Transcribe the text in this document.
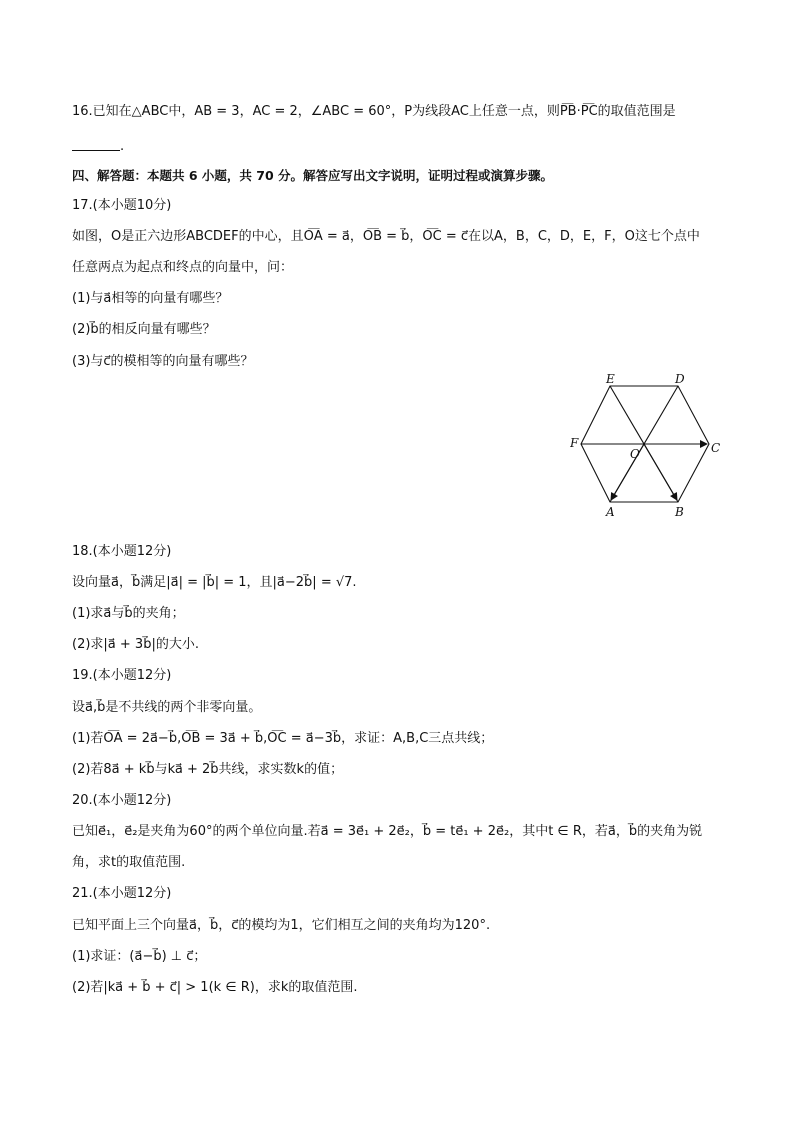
16.已知在△ABC中，AB = 3，AC = 2，∠ABC = 60°，P为线段AC上任意一点，则P͞B·P͞C的取值范围是
.
四、解答题：本题共 6 小题，共 70 分。解答应写出文字说明，证明过程或演算步骤。
17.(本小题10分)
如图，O是正六边形ABCDEF的中心，且O͞A = a⃗，O͞B = b⃗，O͞C = c⃗在以A，B，C，D，E，F，O这七个点中
任意两点为起点和终点的向量中，问：
(1)与a⃗相等的向量有哪些？
(2)b⃗的相反向量有哪些？
(3)与c⃗的模相等的向量有哪些？
E	D
F
O	C
A	B
18.(本小题12分)
设向量a⃗，b⃗满足|a⃗| = |b⃗| = 1，且|a⃗−2b⃗| = √7.
(1)求a⃗与b⃗的夹角；
(2)求|a⃗ + 3b⃗|的大小.
19.(本小题12分)
设a⃗,b⃗是不共线的两个非零向量。
(1)若O͞A = 2a⃗−b⃗,O͞B = 3a⃗ + b⃗,O͞C = a⃗−3b⃗，求证：A,B,C三点共线；
(2)若8a⃗ + kb⃗与ka⃗ + 2b⃗共线，求实数k的值；
20.(本小题12分)
已知e⃗₁，e⃗₂是夹角为60°的两个单位向量.若a⃗ = 3e⃗₁ + 2e⃗₂，b⃗ = te⃗₁ + 2e⃗₂，其中t ∈ R，若a⃗，b⃗的夹角为锐
角，求t的取值范围.
21.(本小题12分)
已知平面上三个向量a⃗，b⃗，c⃗的模均为1，它们相互之间的夹角均为120°.
(1)求证：(a⃗−b⃗) ⊥ c⃗；
(2)若|ka⃗ + b⃗ + c⃗| > 1(k ∈ R)，求k的取值范围.
